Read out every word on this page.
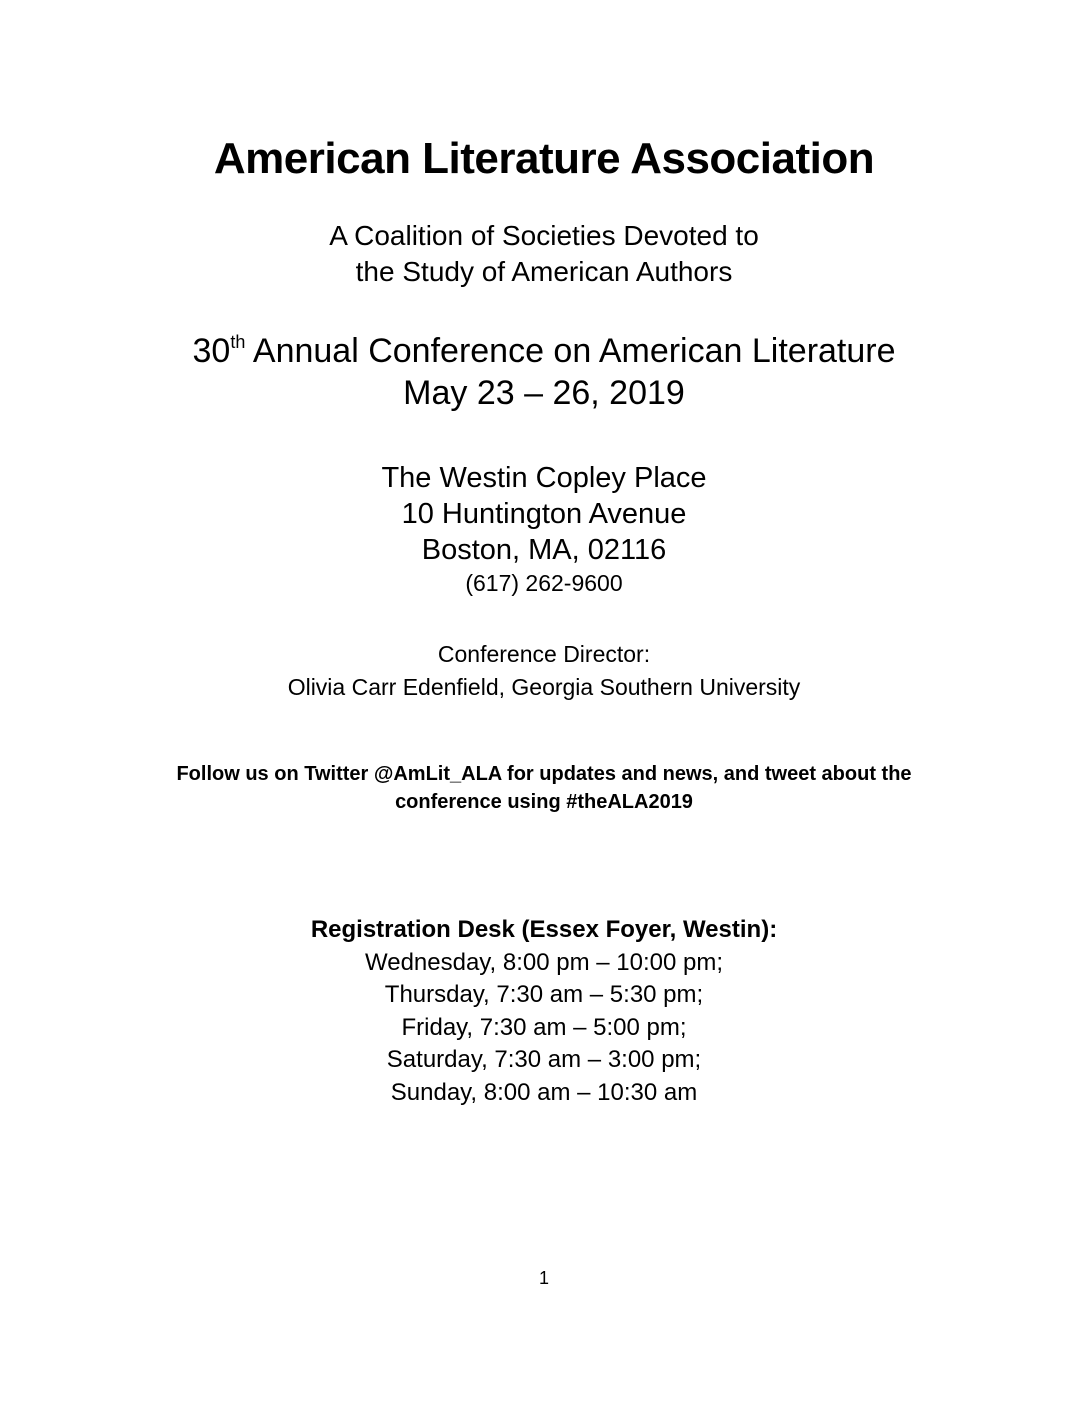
American Literature Association
A Coalition of Societies Devoted to
the Study of American Authors
30th Annual Conference on American Literature
May 23 – 26, 2019
The Westin Copley Place
10 Huntington Avenue
Boston, MA, 02116
(617) 262-9600
Conference Director:
Olivia Carr Edenfield, Georgia Southern University
Follow us on Twitter @AmLit_ALA for updates and news, and tweet about the
conference using #theALA2019
Registration Desk (Essex Foyer, Westin):
Wednesday, 8:00 pm – 10:00 pm;
Thursday, 7:30 am – 5:30 pm;
Friday, 7:30 am – 5:00 pm;
Saturday, 7:30 am – 3:00 pm;
Sunday, 8:00 am – 10:30 am
1
